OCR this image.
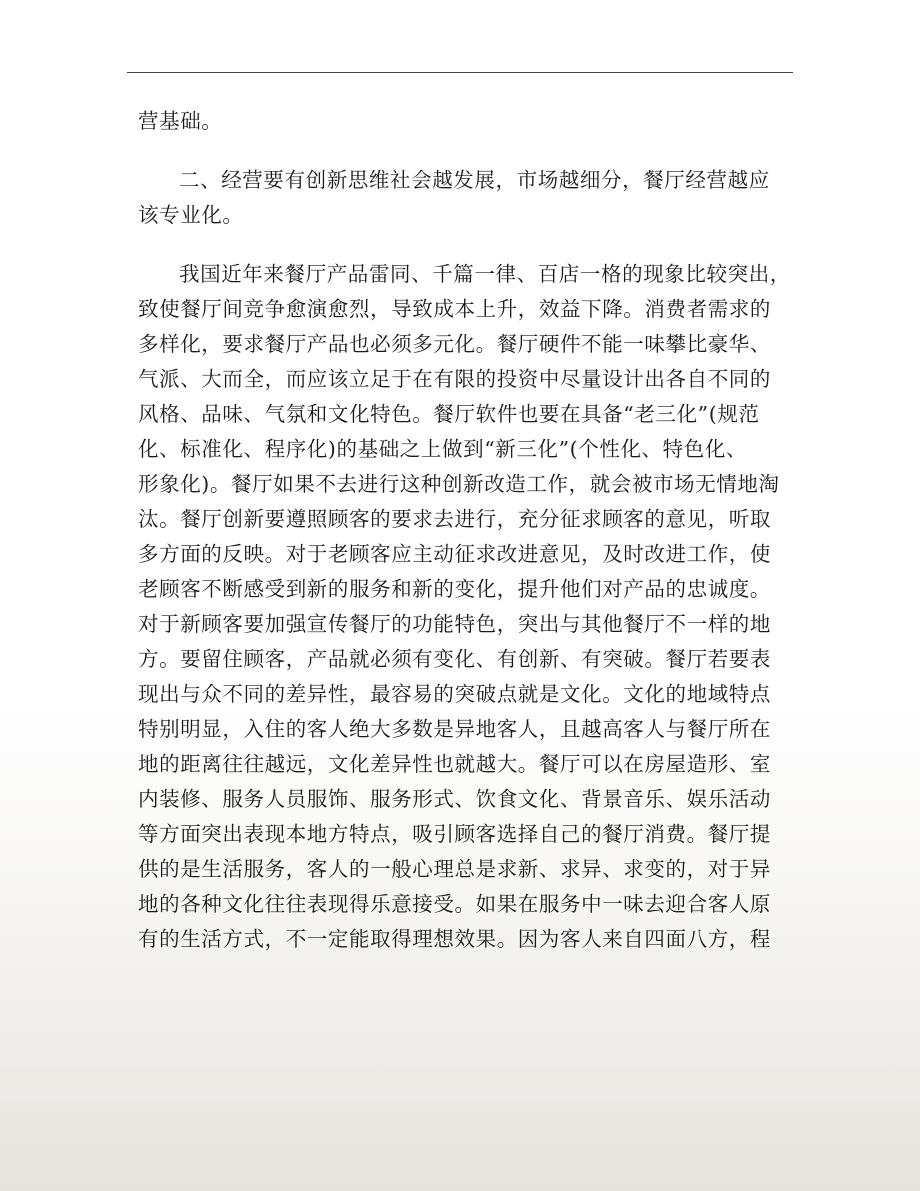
营基础。
二、经营要有创新思维社会越发展，市场越细分，餐厅经营越应
该专业化。
我国近年来餐厅产品雷同、千篇一律、百店一格的现象比较突出，
致使餐厅间竞争愈演愈烈，导致成本上升，效益下降。消费者需求的
多样化，要求餐厅产品也必须多元化。餐厅硬件不能一味攀比豪华、
气派、大而全，而应该立足于在有限的投资中尽量设计出各自不同的
风格、品味、气氛和文化特色。餐厅软件也要在具备“老三化”(规范
化、标准化、程序化)的基础之上做到“新三化”(个性化、特色化、
形象化)。餐厅如果不去进行这种创新改造工作，就会被市场无情地淘
汰。餐厅创新要遵照顾客的要求去进行，充分征求顾客的意见，听取
多方面的反映。对于老顾客应主动征求改进意见，及时改进工作，使
老顾客不断感受到新的服务和新的变化，提升他们对产品的忠诚度。
对于新顾客要加强宣传餐厅的功能特色，突出与其他餐厅不一样的地
方。要留住顾客，产品就必须有变化、有创新、有突破。餐厅若要表
现出与众不同的差异性，最容易的突破点就是文化。文化的地域特点
特别明显，入住的客人绝大多数是异地客人，且越高客人与餐厅所在
地的距离往往越远，文化差异性也就越大。餐厅可以在房屋造形、室
内装修、服务人员服饰、服务形式、饮食文化、背景音乐、娱乐活动
等方面突出表现本地方特点，吸引顾客选择自己的餐厅消费。餐厅提
供的是生活服务，客人的一般心理总是求新、求异、求变的，对于异
地的各种文化往往表现得乐意接受。如果在服务中一味去迎合客人原
有的生活方式，不一定能取得理想效果。因为客人来自四面八方，程
